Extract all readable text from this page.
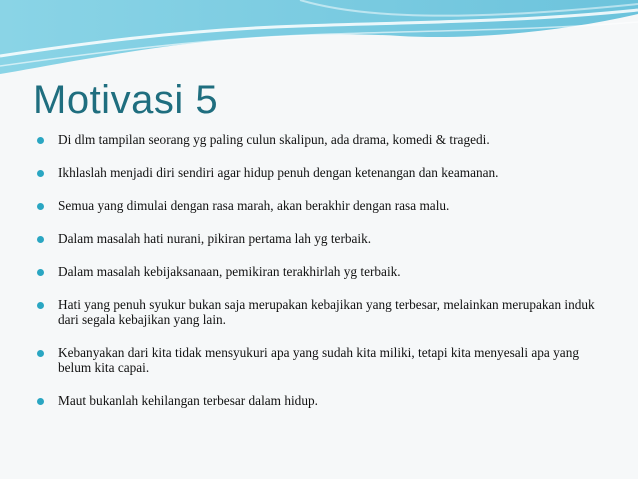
Motivasi 5
Di dlm tampilan seorang yg paling culun skalipun, ada drama, komedi & tragedi.
Ikhlaslah menjadi diri sendiri agar hidup penuh dengan ketenangan dan keamanan.
Semua yang dimulai dengan rasa marah, akan berakhir dengan rasa malu.
Dalam masalah hati nurani, pikiran pertama lah yg terbaik.
Dalam masalah kebijaksanaan, pemikiran terakhirlah yg terbaik.
Hati yang penuh syukur bukan saja merupakan kebajikan yang terbesar, melainkan merupakan induk dari segala kebajikan yang lain.
Kebanyakan dari kita tidak mensyukuri apa yang sudah kita miliki, tetapi kita menyesali apa yang belum kita capai.
Maut bukanlah kehilangan terbesar dalam hidup.
